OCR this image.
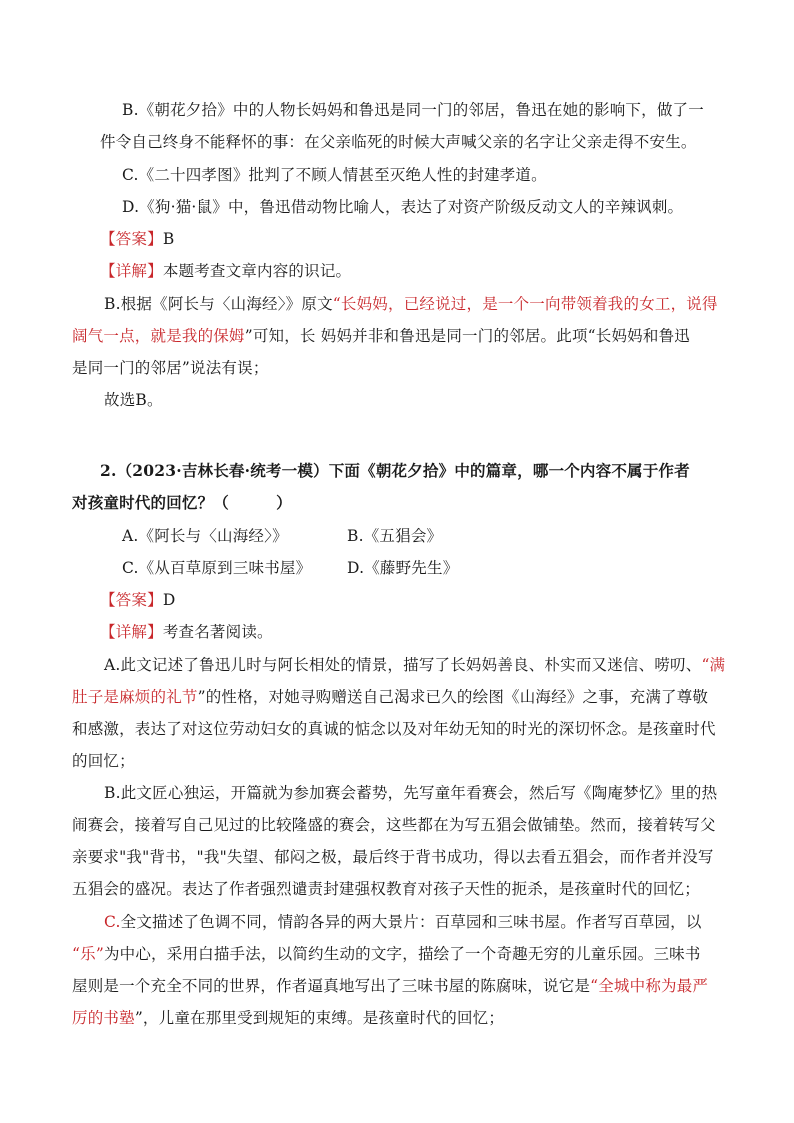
B.《朝花夕拾》中的人物长妈妈和鲁迅是同一门的邻居，鲁迅在她的影响下，做了一

件令自己终身不能释怀的事：在父亲临死的时候大声喊父亲的名字让父亲走得不安生。

C.《二十四孝图》批判了不顾人情甚至灭绝人性的封建孝道。

D.《狗·猫·鼠》中，鲁迅借动物比喻人，表达了对资产阶级反动文人的辛辣讽刺。

【答案】B

【详解】本题考查文章内容的识记。

B.根据《阿长与〈山海经〉》原文“长妈妈，已经说过，是一个一向带领着我的女工，说得

阔气一点，就是我的保姆”可知，长 妈妈并非和鲁迅是同一门的邻居。此项“长妈妈和鲁迅

是同一门的邻居”说法有误；

故选B。

2.（2023·吉林长春·统考一模）下面《朝花夕拾》中的篇章，哪一个内容不属于作者

对孩童时代的回忆？（　　　）

A.《阿长与〈山海经〉》	B.《五猖会》

C.《从百草原到三味书屋》	D.《藤野先生》

【答案】D

【详解】考查名著阅读。

A.此文记述了鲁迅儿时与阿长相处的情景，描写了长妈妈善良、朴实而又迷信、唠叨、“满

肚子是麻烦的礼节”的性格，对她寻购赠送自己渴求已久的绘图《山海经》之事，充满了尊敬

和感激，表达了对这位劳动妇女的真诚的惦念以及对年幼无知的时光的深切怀念。是孩童时代

的回忆；

B.此文匠心独运，开篇就为参加赛会蓄势，先写童年看赛会，然后写《陶庵梦忆》里的热

闹赛会，接着写自己见过的比较隆盛的赛会，这些都在为写五猖会做铺垫。然而，接着转写父

亲要求"我"背书，"我"失望、郁闷之极，最后终于背书成功，得以去看五猖会，而作者并没写

五猖会的盛况。表达了作者强烈谴责封建强权教育对孩子天性的扼杀，是孩童时代的回忆；

C.全文描述了色调不同，情韵各异的两大景片：百草园和三味书屋。作者写百草园，以

“乐”为中心，采用白描手法，以简约生动的文字，描绘了一个奇趣无穷的儿童乐园。三味书

屋则是一个充全不同的世界，作者逼真地写出了三味书屋的陈腐味，说它是“全城中称为最严

厉的书塾”，儿童在那里受到规矩的束缚。是孩童时代的回忆；
